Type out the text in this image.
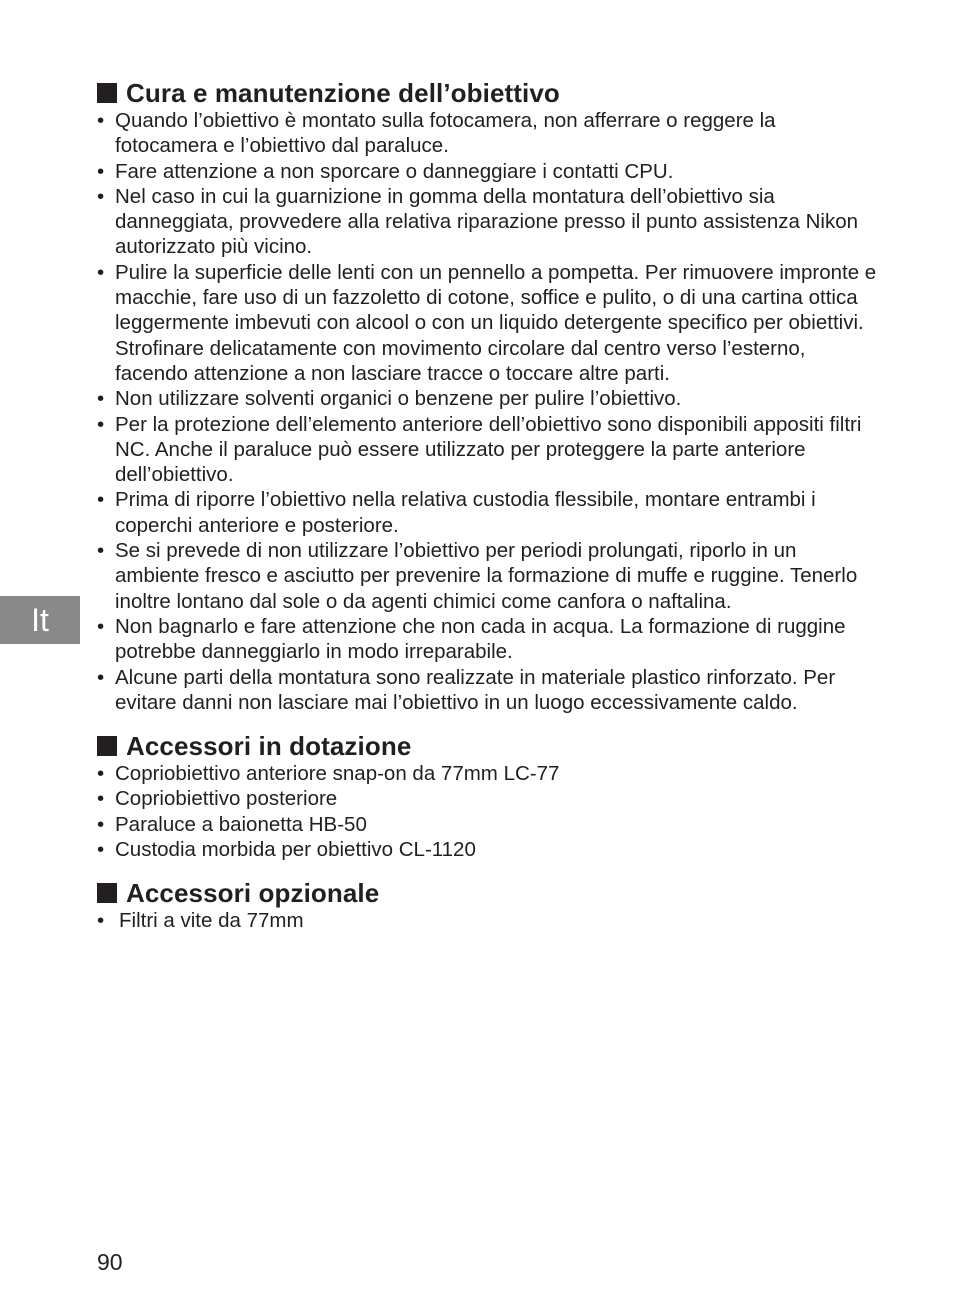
It
Cura e manutenzione dell’obiettivo
• Quando l’obiettivo è montato sulla fotocamera, non afferrare o reggere la fotocamera e l’obiettivo dal paraluce.
• Fare attenzione a non sporcare o danneggiare i contatti CPU.
• Nel caso in cui la guarnizione in gomma della montatura dell’obiettivo sia danneggiata, provvedere alla relativa riparazione presso il punto assistenza Nikon autorizzato più vicino.
• Pulire la superficie delle lenti con un pennello a pompetta. Per rimuovere impronte e macchie, fare uso di un fazzoletto di cotone, soffice e pulito, o di una cartina ottica leggermente imbevuti con alcool o con un liquido detergente specifico per obiettivi. Strofinare delicatamente con movimento circolare dal centro verso l’esterno, facendo attenzione a non lasciare tracce o toccare altre parti.
• Non utilizzare solventi organici o benzene per pulire l’obiettivo.
• Per la protezione dell’elemento anteriore dell’obiettivo sono disponibili appositi filtri NC. Anche il paraluce può essere utilizzato per proteggere la parte anteriore dell’obiettivo.
• Prima di riporre l’obiettivo nella relativa custodia flessibile, montare entrambi i coperchi anteriore e posteriore.
• Se si prevede di non utilizzare l’obiettivo per periodi prolungati, riporlo in un ambiente fresco e asciutto per prevenire la formazione di muffe e ruggine. Tenerlo inoltre lontano dal sole o da agenti chimici come canfora o naftalina.
• Non bagnarlo e fare attenzione che non cada in acqua. La formazione di ruggine potrebbe danneggiarlo in modo irreparabile.
• Alcune parti della montatura sono realizzate in materiale plastico rinforzato. Per evitare danni non lasciare mai l’obiettivo in un luogo eccessivamente caldo.
Accessori in dotazione
• Copriobiettivo anteriore snap-on da 77mm LC-77
• Copriobiettivo posteriore
• Paraluce a baionetta HB-50
• Custodia morbida per obiettivo CL-1120
Accessori opzionale
• Filtri a vite da 77mm
90
